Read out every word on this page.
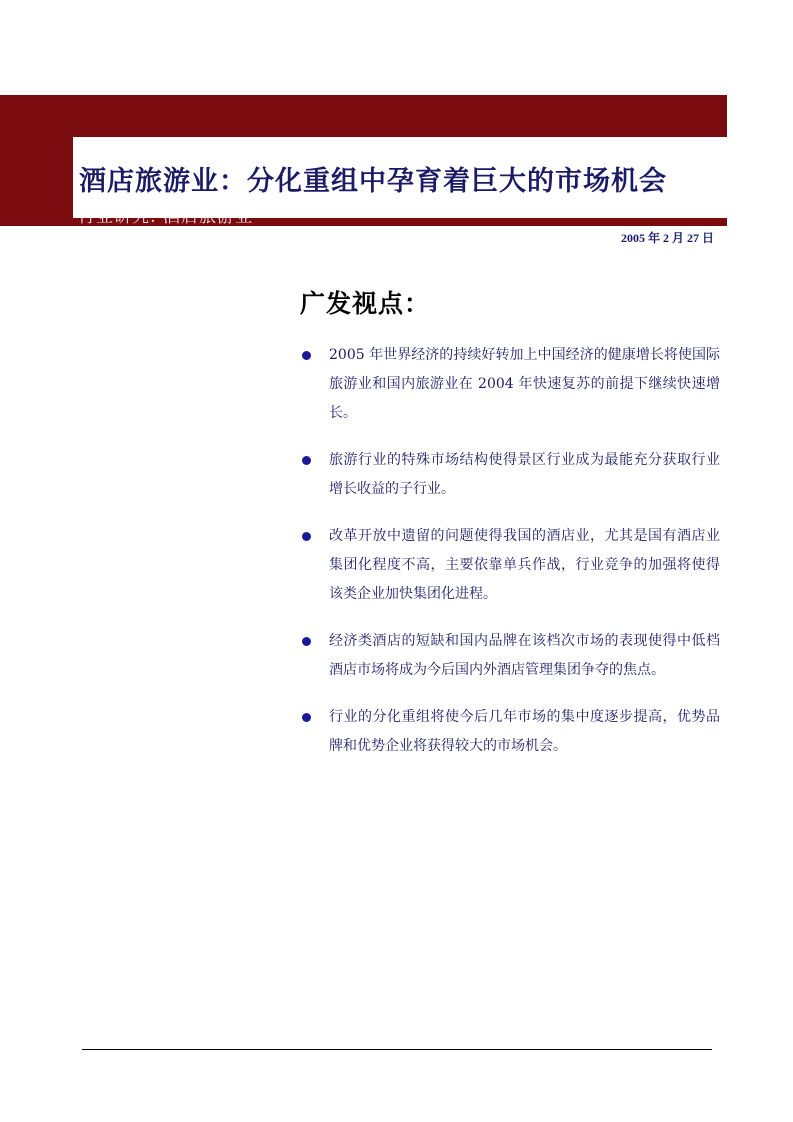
酒店旅游业：分化重组中孕育着巨大的市场机会
2005 年 2 月 27 日
广发视点：
2005 年世界经济的持续好转加上中国经济的健康增长将使国际旅游业和国内旅游业在 2004 年快速复苏的前提下继续快速增长。
旅游行业的特殊市场结构使得景区行业成为最能充分获取行业增长收益的子行业。
改革开放中遗留的问题使得我国的酒店业，尤其是国有酒店业集团化程度不高，主要依靠单兵作战，行业竞争的加强将使得该类企业加快集团化进程。
经济类酒店的短缺和国内品牌在该档次市场的表现使得中低档酒店市场将成为今后国内外酒店管理集团争夺的焦点。
行业的分化重组将使今后几年市场的集中度逐步提高，优势品牌和优势企业将获得较大的市场机会。
